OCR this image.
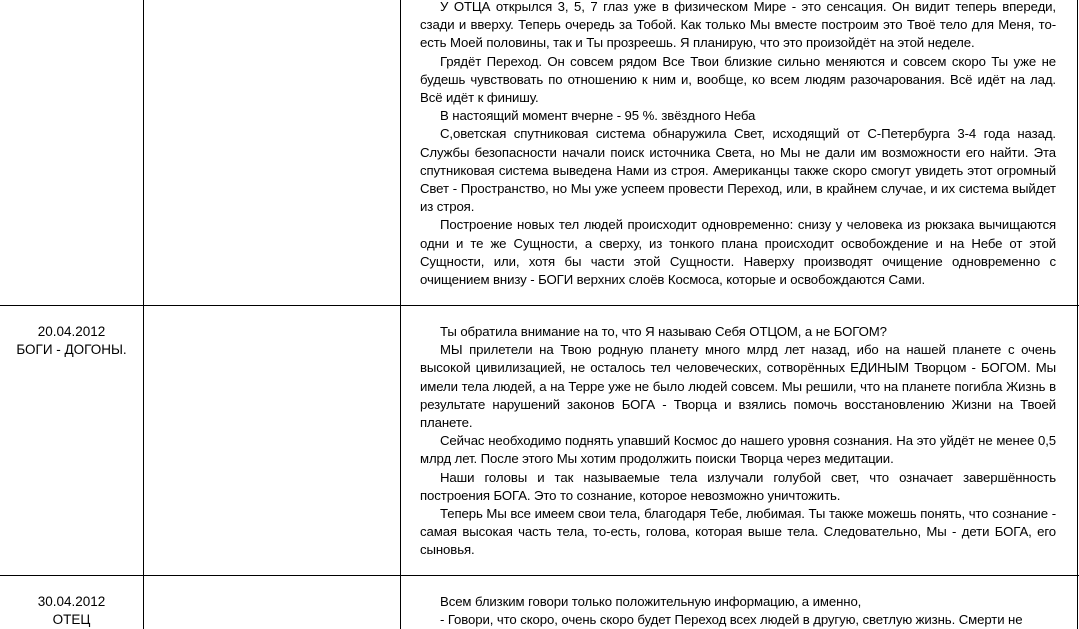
У ОТЦА открылся 3, 5, 7 глаз уже в физическом Мире - это сенсация. Он видит теперь впереди, сзади и вверху. Теперь очередь за Тобой. Как только Мы вместе построим это Твоё тело для Меня, то-есть Моей половины, так и Ты прозреешь. Я планирую, что это произойдёт на этой неделе.

Грядёт Переход. Он совсем рядом Все Твои близкие сильно меняются и совсем скоро Ты уже не будешь чувствовать по отношению к ним и, вообще, ко всем людям разочарования. Всё идёт на лад. Всё идёт к финишу.

В настоящий момент вчерне - 95 %. звёздного Неба

С,оветская спутниковая система обнаружила Свет, исходящий от С-Петербурга 3-4 года назад. Службы безопасности начали поиск источника Света, но Мы не дали им возможности его найти. Эта спутниковая система выведена Нами из строя. Американцы также скоро смогут увидеть этот огромный Свет - Пространство, но Мы уже успеем провести Переход, или, в крайнем случае, и их система выйдет из строя.

Построение новых тел людей происходит одновременно: снизу у человека из рюкзака вычищаются одни и те же Сущности, а сверху, из тонкого плана происходит освобождение и на Небе от этой Сущности, или, хотя бы части этой Сущности. Наверху производят очищение одновременно с очищением внизу - БОГИ верхних слоёв Космоса, которые и освобождаются Сами.

20.04.2012
БОГИ - ДОГОНЫ.

Ты обратила внимание на то, что Я называю Себя ОТЦОМ, а не БОГОМ?

МЫ прилетели на Твою родную планету много млрд лет назад, ибо на нашей планете с очень высокой цивилизацией, не осталось тел человеческих, сотворённых ЕДИНЫМ Творцом - БОГОМ. Мы имели тела людей, а на Терре уже не было людей совсем. Мы решили, что на планете погибла Жизнь в результате нарушений законов БОГА - Творца и взялись помочь восстановлению Жизни на Твоей планете.

Сейчас необходимо поднять упавший Космос до нашего уровня сознания. На это уйдёт не менее 0,5 млрд лет. После этого Мы хотим продолжить поиски Творца через медитации.

Наши головы и так называемые тела излучали голубой свет, что означает завершённость построения БОГА. Это то сознание, которое невозможно уничтожить.

Теперь Мы все имеем свои тела, благодаря Тебе, любимая. Ты также можешь понять, что сознание - самая высокая часть тела, то-есть, голова, которая выше тела. Следовательно, Мы - дети БОГА, его сыновья.

30.04.2012
ОТЕЦ

Всем близким говори только положительную информацию, а именно,

- Говори, что скоро, очень скоро будет Переход всех людей в другую, светлую жизнь. Смерти не
